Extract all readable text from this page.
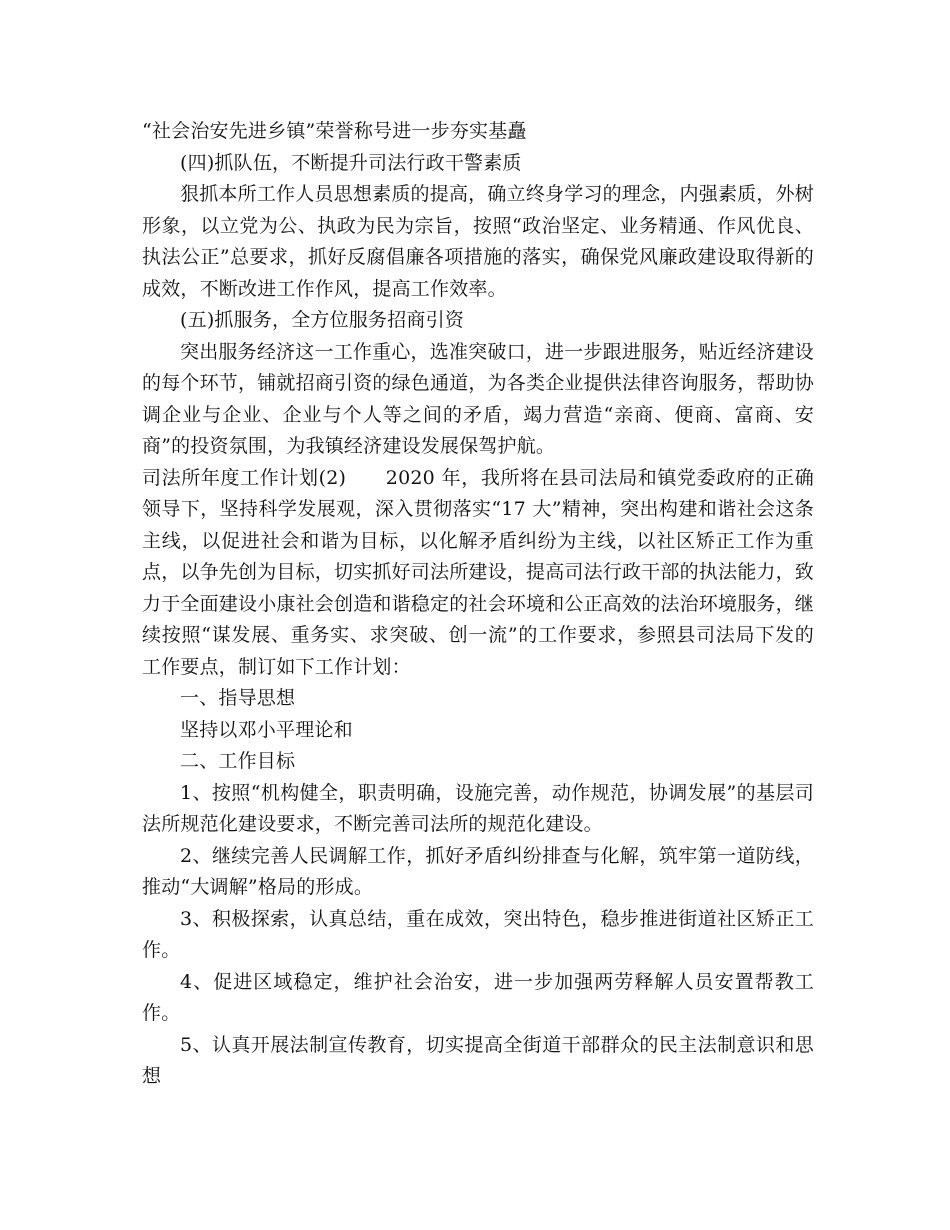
“社会治安先进乡镇”荣誉称号进一步夯实基矗

(四)抓队伍，不断提升司法行政干警素质

狠抓本所工作人员思想素质的提高，确立终身学习的理念，内强素质，外树形象，以立党为公、执政为民为宗旨，按照“政治坚定、业务精通、作风优良、执法公正”总要求，抓好反腐倡廉各项措施的落实，确保党风廉政建设取得新的成效，不断改进工作作风，提高工作效率。

(五)抓服务，全方位服务招商引资

突出服务经济这一工作重心，选准突破口，进一步跟进服务，贴近经济建设的每个环节，铺就招商引资的绿色通道，为各类企业提供法律咨询服务，帮助协调企业与企业、企业与个人等之间的矛盾，竭力营造“亲商、便商、富商、安商”的投资氛围，为我镇经济建设发展保驾护航。

司法所年度工作计划(2)　　2020 年，我所将在县司法局和镇党委政府的正确领导下，坚持科学发展观，深入贯彻落实“17 大”精神，突出构建和谐社会这条主线，以促进社会和谐为目标，以化解矛盾纠纷为主线，以社区矫正工作为重点，以争先创为目标，切实抓好司法所建设，提高司法行政干部的执法能力，致力于全面建设小康社会创造和谐稳定的社会环境和公正高效的法治环境服务，继续按照“谋发展、重务实、求突破、创一流”的工作要求，参照县司法局下发的工作要点，制订如下工作计划：

一、指导思想

坚持以邓小平理论和

二、工作目标

1、按照“机构健全，职责明确，设施完善，动作规范，协调发展”的基层司法所规范化建设要求，不断完善司法所的规范化建设。

2、继续完善人民调解工作，抓好矛盾纠纷排查与化解，筑牢第一道防线，推动“大调解”格局的形成。

3、积极探索，认真总结，重在成效，突出特色，稳步推进街道社区矫正工作。

4、促进区域稳定，维护社会治安，进一步加强两劳释解人员安置帮教工作。

5、认真开展法制宣传教育，切实提高全街道干部群众的民主法制意识和思想
